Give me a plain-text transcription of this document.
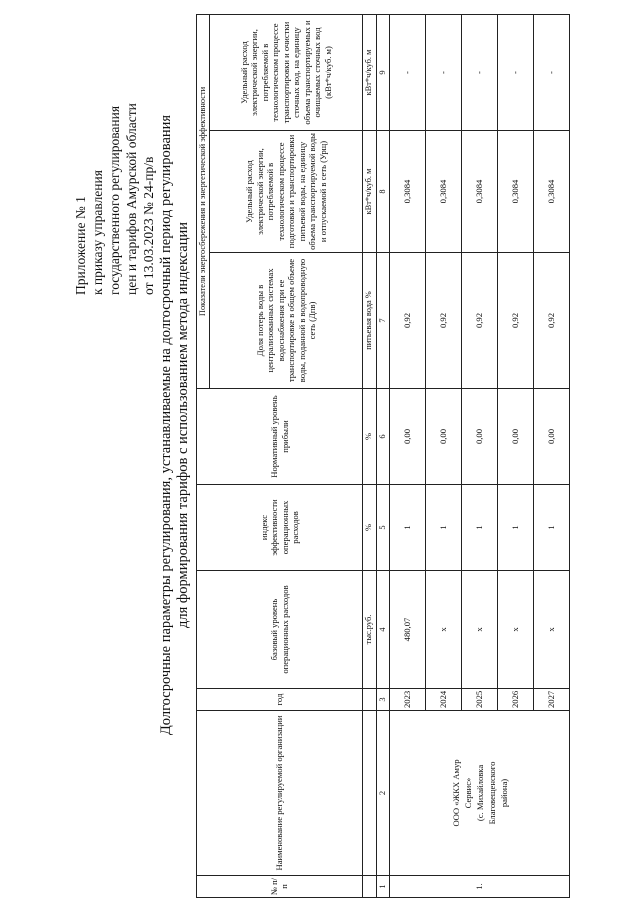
Приложение № 1 к приказу управления государственного регулирования цен и тарифов Амурской области от 13.03.2023 № 24-пр/в Долгосрочные параметры регулирования, устанавливаемые на долгосрочный период регулирования для формирования тарифов с использованием метода индексации
№ п/п	Наименование регулируемой организации	год	базовый уровень операционных расходов	индекс эффективности операционных расходов	Нормативный уровень прибыли	Показатели энергосбережения и энергетической эффективности		
						Доля потерь воды в централизованных системах водоснабжения при ее транспортировке в общем объеме воды, поданной в водопроводную сеть (Дпв)	Удельный расход электрической энергии, потребляемой в технологическом процессе подготовки и транспортировки питьевой воды, на единицу объема транспортируемой воды и отпускаемой в сеть (Урщ)	Удельный расход электрической энергии, потребляемой в технологическом процессе транспортировки и очистки сточных вод, на единицу объема транспортируемых и очищаемых сточных вод (кВт*ч/куб. м)
			тыс.руб.	%	%	питьевая вода %	кВт*ч/куб. м	кВт*ч/куб. м
1	2	3	4	5	6	7	8	9
1.	ООО «ЖКХ Амур Сервис» (с. Михайловка Благовещенского района)	2023	480,07	1	0,00	0,92	0,3084	-
		2024	x	1	0,00	0,92	0,3084	-
		2025	x	1	0,00	0,92	0,3084	-
		2026	x	1	0,00	0,92	0,3084	-
		2027	x	1	0,00	0,92	0,3084	-
